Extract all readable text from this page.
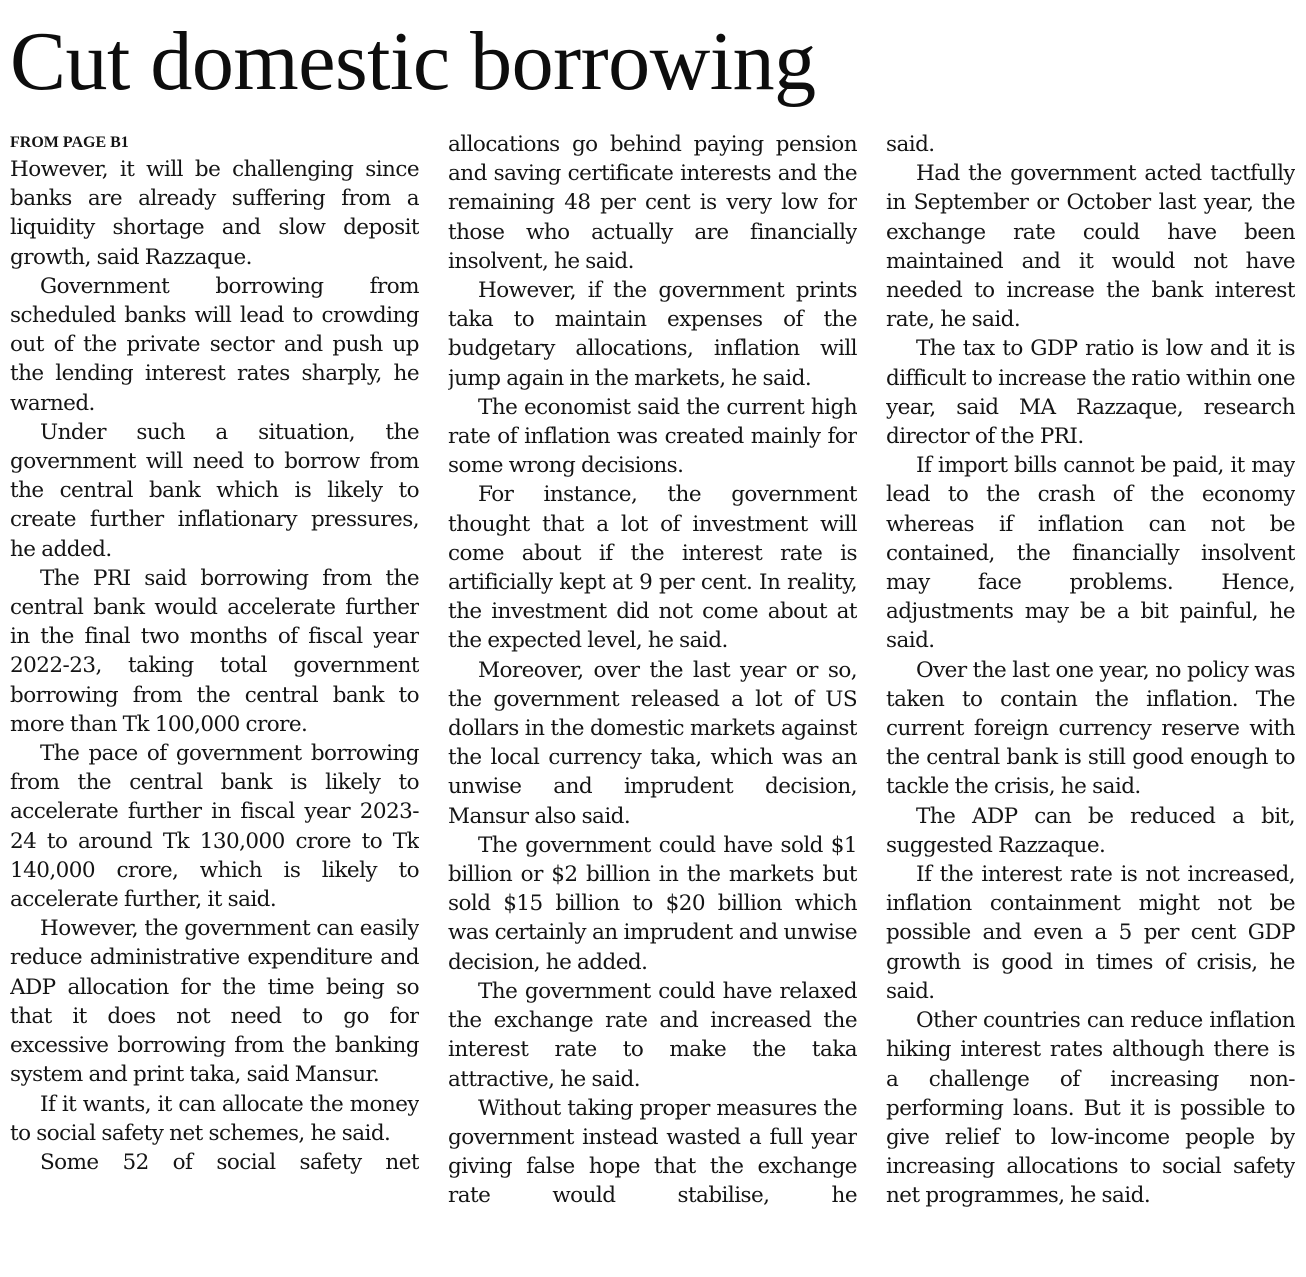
Cut domestic borrowing
FROM PAGE B1

However, it will be challenging since banks are already suffering from a liquidity shortage and slow deposit growth, said Razzaque.

Government borrowing from scheduled banks will lead to crowding out of the private sector and push up the lending interest rates sharply, he warned.

Under such a situation, the government will need to borrow from the central bank which is likely to create further inflationary pressures, he added.

The PRI said borrowing from the central bank would accelerate further in the final two months of fiscal year 2022-23, taking total government borrowing from the central bank to more than Tk 100,000 crore.

The pace of government borrowing from the central bank is likely to accelerate further in fiscal year 2023-24 to around Tk 130,000 crore to Tk 140,000 crore, which is likely to accelerate further, it said.

However, the government can easily reduce administrative expenditure and ADP allocation for the time being so that it does not need to go for excessive borrowing from the banking system and print taka, said Mansur.

If it wants, it can allocate the money to social safety net schemes, he said.

Some 52 of social safety net

allocations go behind paying pension and saving certificate interests and the remaining 48 per cent is very low for those who actually are financially insolvent, he said.

However, if the government prints taka to maintain expenses of the budgetary allocations, inflation will jump again in the markets, he said.

The economist said the current high rate of inflation was created mainly for some wrong decisions.

For instance, the government thought that a lot of investment will come about if the interest rate is artificially kept at 9 per cent. In reality, the investment did not come about at the expected level, he said.

Moreover, over the last year or so, the government released a lot of US dollars in the domestic markets against the local currency taka, which was an unwise and imprudent decision, Mansur also said.

The government could have sold $1 billion or $2 billion in the markets but sold $15 billion to $20 billion which was certainly an imprudent and unwise decision, he added.

The government could have relaxed the exchange rate and increased the interest rate to make the taka attractive, he said.

Without taking proper measures the government instead wasted a full year giving false hope that the exchange rate would stabilise, he

said.

Had the government acted tactfully in September or October last year, the exchange rate could have been maintained and it would not have needed to increase the bank interest rate, he said.

The tax to GDP ratio is low and it is difficult to increase the ratio within one year, said MA Razzaque, research director of the PRI.

If import bills cannot be paid, it may lead to the crash of the economy whereas if inflation can not be contained, the financially insolvent may face problems. Hence, adjustments may be a bit painful, he said.

Over the last one year, no policy was taken to contain the inflation. The current foreign currency reserve with the central bank is still good enough to tackle the crisis, he said.

The ADP can be reduced a bit, suggested Razzaque.

If the interest rate is not increased, inflation containment might not be possible and even a 5 per cent GDP growth is good in times of crisis, he said.

Other countries can reduce inflation hiking interest rates although there is a challenge of increasing non-performing loans. But it is possible to give relief to low-income people by increasing allocations to social safety net programmes, he said.
